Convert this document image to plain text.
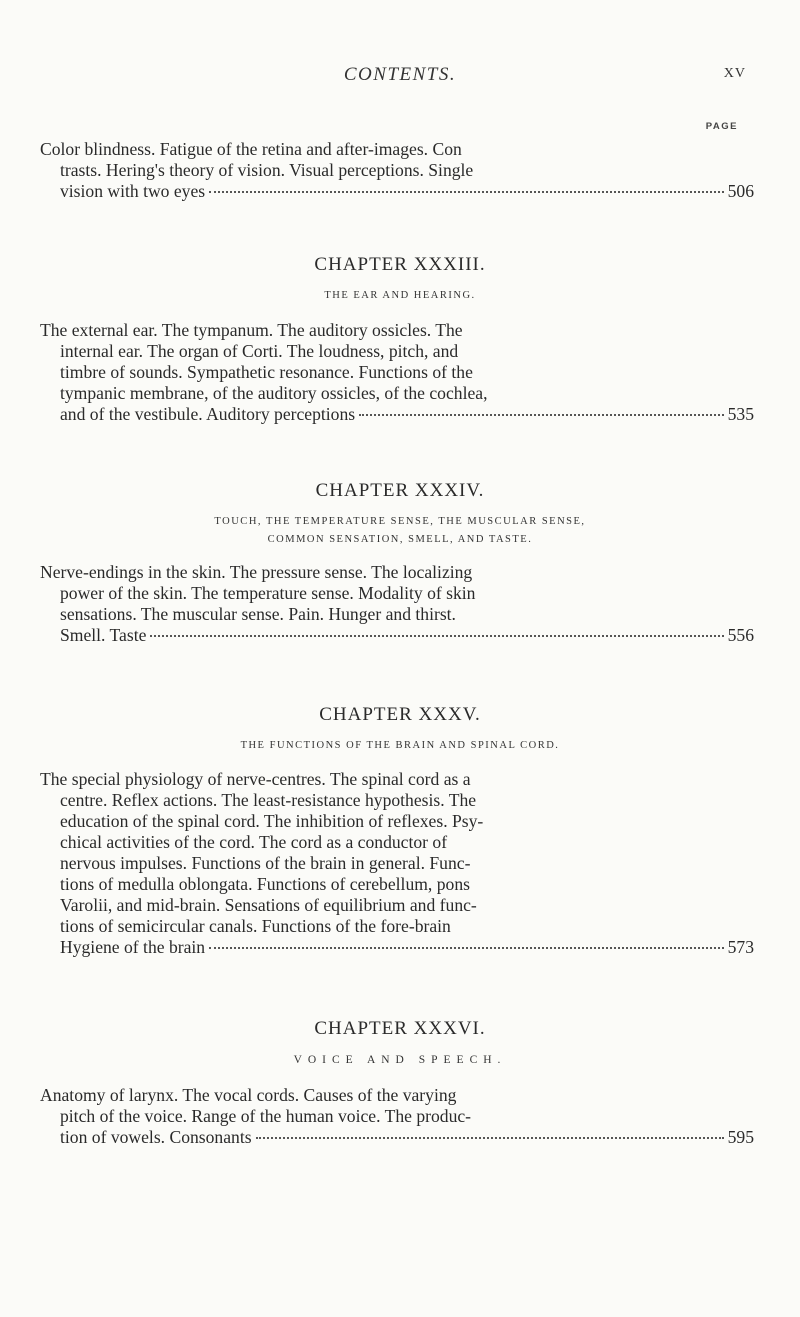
CONTENTS.	XV
PAGE
Color blindness. Fatigue of the retina and after-images. Con
trasts. Hering's theory of vision. Visual perceptions. Single
vision with two eyes	506
CHAPTER XXXIII.
THE EAR AND HEARING.
The external ear. The tympanum. The auditory ossicles. The
internal ear. The organ of Corti. The loudness, pitch, and
timbre of sounds. Sympathetic resonance. Functions of the
tympanic membrane, of the auditory ossicles, of the cochlea,
and of the vestibule. Auditory perceptions	535
CHAPTER XXXIV.
TOUCH, THE TEMPERATURE SENSE, THE MUSCULAR SENSE,
COMMON SENSATION, SMELL, AND TASTE.
Nerve-endings in the skin. The pressure sense. The localizing
power of the skin. The temperature sense. Modality of skin
sensations. The muscular sense. Pain. Hunger and thirst.
Smell. Taste	556
CHAPTER XXXV.
THE FUNCTIONS OF THE BRAIN AND SPINAL CORD.
The special physiology of nerve-centres. The spinal cord as a
centre. Reflex actions. The least-resistance hypothesis. The
education of the spinal cord. The inhibition of reflexes. Psy-
chical activities of the cord. The cord as a conductor of
nervous impulses. Functions of the brain in general. Func-
tions of medulla oblongata. Functions of cerebellum, pons
Varolii, and mid-brain. Sensations of equilibrium and func-
tions of semicircular canals. Functions of the fore-brain
Hygiene of the brain	573
CHAPTER XXXVI.
VOICE AND SPEECH.
Anatomy of larynx. The vocal cords. Causes of the varying
pitch of the voice. Range of the human voice. The produc-
tion of vowels. Consonants	595
